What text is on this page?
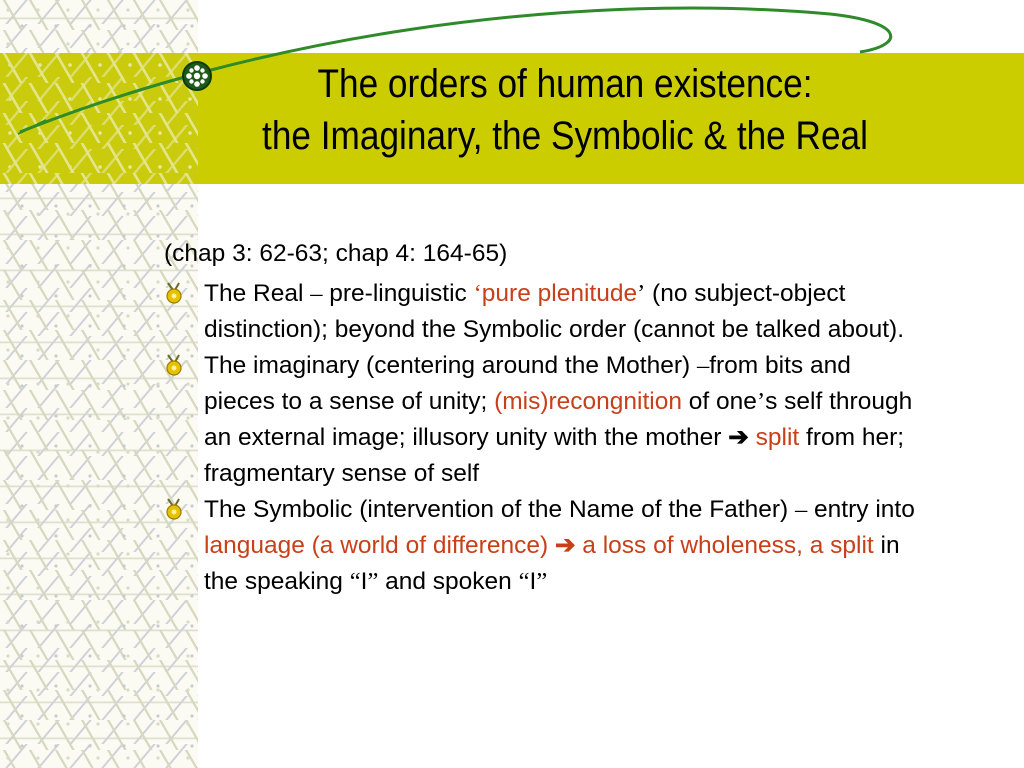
The orders of human existence:
the Imaginary, the Symbolic & the Real

(chap 3: 62-63; chap 4: 164-65)

The Real – pre-linguistic ‘pure plenitude’ (no subject-object distinction); beyond the Symbolic order (cannot be talked about).

The imaginary (centering around the Mother) –from bits and pieces to a sense of unity; (mis)recongnition of one’s self through an external image; illusory unity with the mother ➔ split from her; fragmentary sense of self

The Symbolic (intervention of the Name of the Father) – entry into language (a world of difference) ➔ a loss of wholeness, a split in the speaking “I” and spoken “I”
